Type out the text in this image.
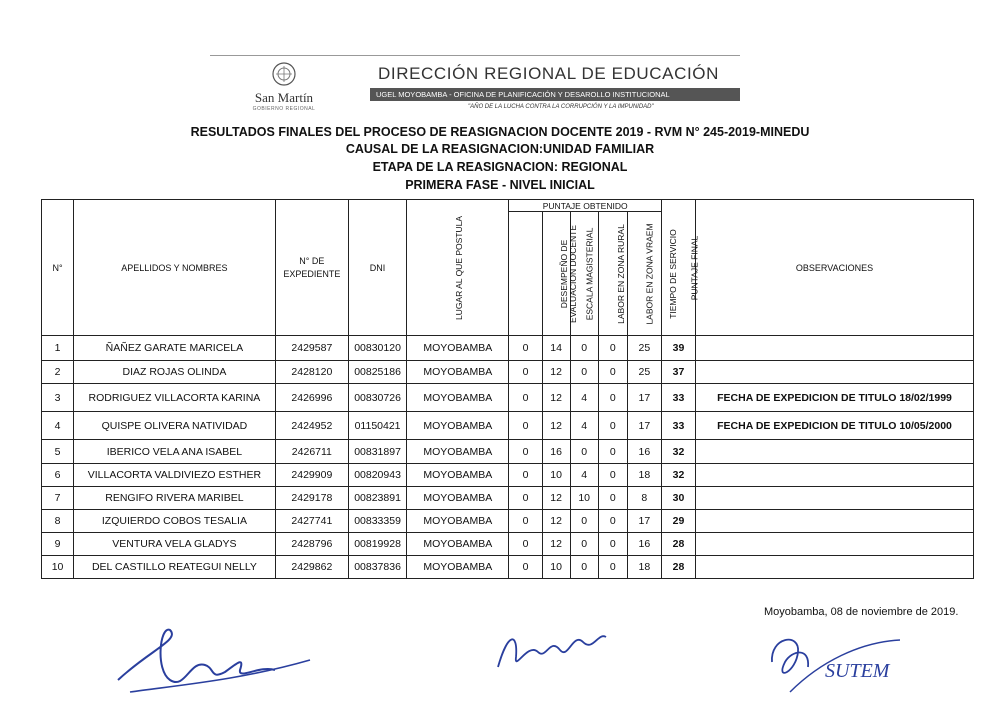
San Martín
GOBIERNO REGIONAL
DIRECCIÓN REGIONAL DE EDUCACIÓN
UGEL MOYOBAMBA - OFICINA DE PLANIFICACIÓN Y DESAROLLO INSTITUCIONAL
"AÑO DE LA LUCHA CONTRA LA CORRUPCIÓN Y LA IMPUNIDAD"
RESULTADOS FINALES DEL PROCESO DE REASIGNACION DOCENTE 2019 - RVM N° 245-2019-MINEDU
CAUSAL DE LA REASIGNACION:UNIDAD FAMILIAR
ETAPA DE LA REASIGNACION: REGIONAL
PRIMERA FASE - NIVEL INICIAL
N°	APELLIDOS Y NOMBRES	N° DE EXPEDIENTE	DNI	LUGAR AL QUE POSTULA	PUNTAJE OBTENIDO					PUNTAJE FINAL	OBSERVACIONES
					DESEMPEÑO DE EVALUACION DOCENTE	ESCALA MAGISTERIAL	LABOR EN ZONA RURAL	LABOR EN ZONA VRAEM	TIEMPO DE SERVICIO		
1	ÑAÑEZ GARATE MARICELA	2429587	00830120	MOYOBAMBA	0	14	0	0	25	39	
2	DIAZ ROJAS OLINDA	2428120	00825186	MOYOBAMBA	0	12	0	0	25	37	
3	RODRIGUEZ VILLACORTA KARINA	2426996	00830726	MOYOBAMBA	0	12	4	0	17	33	FECHA DE EXPEDICION DE TITULO 18/02/1999
4	QUISPE OLIVERA NATIVIDAD	2424952	01150421	MOYOBAMBA	0	12	4	0	17	33	FECHA DE EXPEDICION DE TITULO 10/05/2000
5	IBERICO VELA ANA ISABEL	2426711	00831897	MOYOBAMBA	0	16	0	0	16	32	
6	VILLACORTA VALDIVIEZO ESTHER	2429909	00820943	MOYOBAMBA	0	10	4	0	18	32	
7	RENGIFO RIVERA MARIBEL	2429178	00823891	MOYOBAMBA	0	12	10	0	8	30	
8	IZQUIERDO COBOS TESALIA	2427741	00833359	MOYOBAMBA	0	12	0	0	17	29	
9	VENTURA VELA GLADYS	2428796	00819928	MOYOBAMBA	0	12	0	0	16	28	
10	DEL CASTILLO REATEGUI NELLY	2429862	00837836	MOYOBAMBA	0	10	0	0	18	28	
Moyobamba, 08 de noviembre de 2019.
SUTEM
